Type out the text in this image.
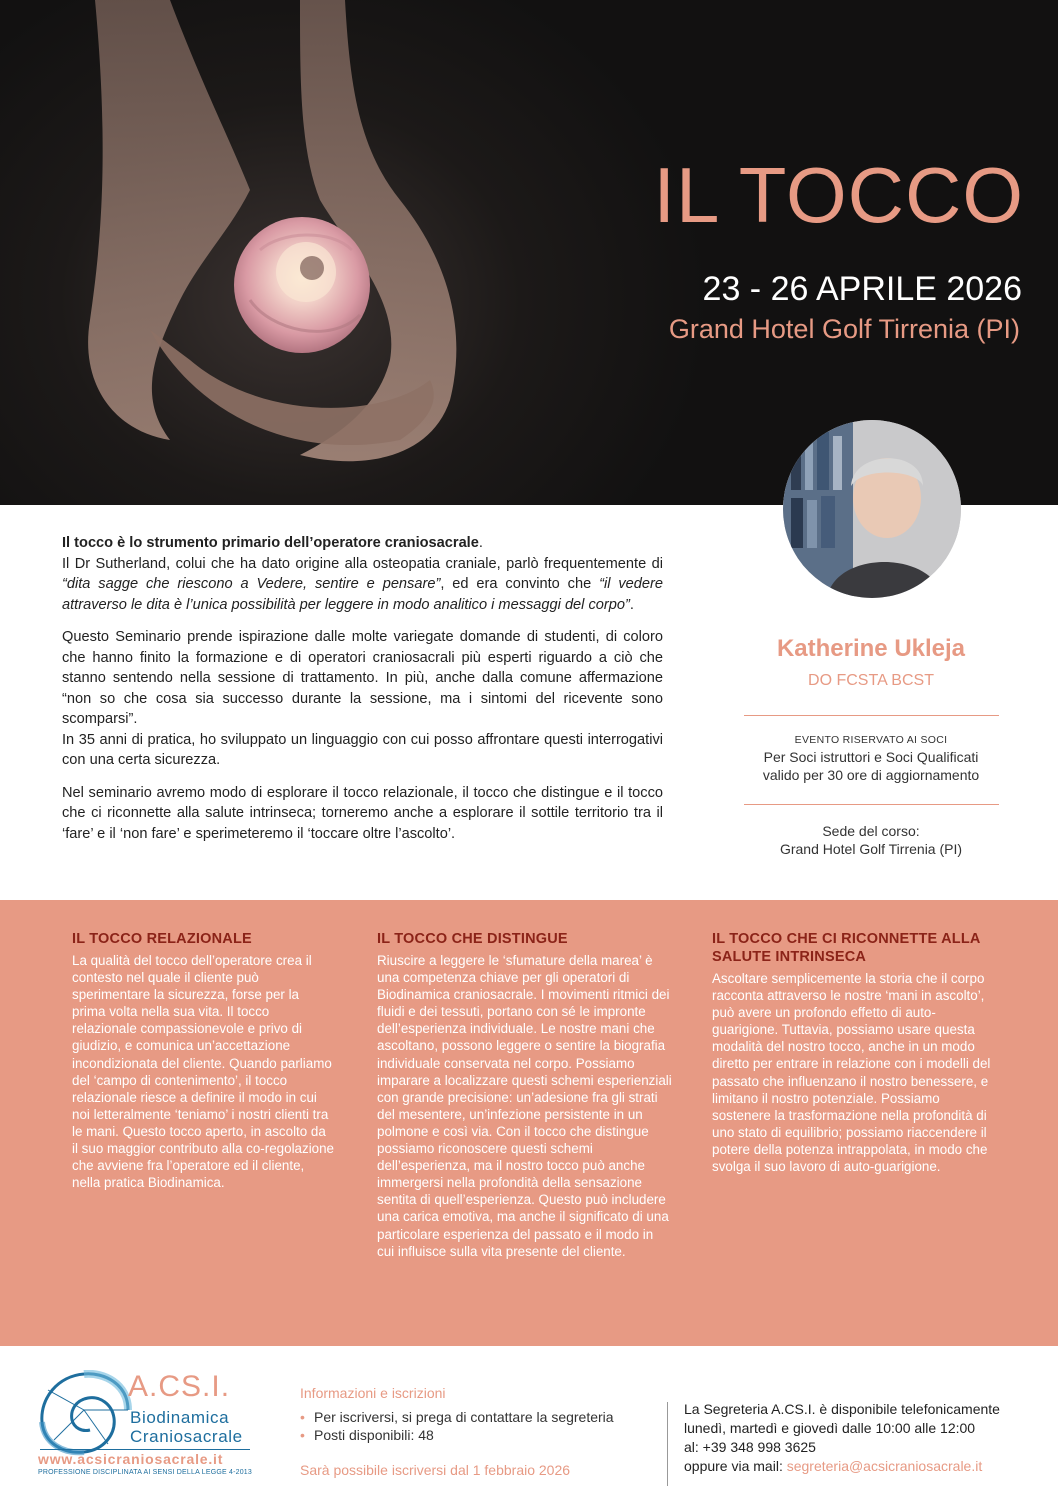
IL TOCCO
23 - 26 APRILE 2026
Grand Hotel Golf Tirrenia (PI)

Il tocco è lo strumento primario dell’operatore craniosacrale.
Il Dr Sutherland, colui che ha dato origine alla osteopatia craniale, parlò frequentemente di “dita sagge che riescono a Vedere, sentire e pensare”, ed era convinto che “il vedere attraverso le dita è l’unica possibilità per leggere in modo analitico i messaggi del corpo”.

Questo Seminario prende ispirazione dalle molte variegate domande di studenti, di coloro che hanno finito la formazione e di operatori craniosacrali più esperti riguardo a ciò che stanno sentendo nella sessione di trattamento. In più, anche dalla comune affermazione “non so che cosa sia successo durante la sessione, ma i sintomi del ricevente sono scomparsi”.
In 35 anni di pratica, ho sviluppato un linguaggio con cui posso affrontare questi interrogativi con una certa sicurezza.

Nel seminario avremo modo di esplorare il tocco relazionale, il tocco che distingue e il tocco che ci riconnette alla salute intrinseca; torneremo anche a esplorare il sottile territorio tra il ‘fare’ e il ‘non fare’ e sperimeteremo il ‘toccare oltre l’ascolto’.

Katherine Ukleja
DO FCSTA BCST
EVENTO RISERVATO AI SOCI
Per Soci istruttori e Soci Qualificati
valido per 30 ore di aggiornamento
Sede del corso:
Grand Hotel Golf Tirrenia (PI)
IL TOCCO RELAZIONALE

La qualità del tocco dell’operatore crea il contesto nel quale il cliente può sperimentare la sicurezza, forse per la prima volta nella sua vita. Il tocco relazionale compassionevole e privo di giudizio, e comunica un’accettazione incondizionata del cliente. Quando parliamo del ‘campo di contenimento’, il tocco relazionale riesce a definire il modo in cui noi letteralmente ‘teniamo’ i nostri clienti tra le mani. Questo tocco aperto, in ascolto da il suo maggior contributo alla co-regolazione che avviene fra l’operatore ed il cliente, nella pratica Biodinamica.

IL TOCCO CHE DISTINGUE

Riuscire a leggere le ‘sfumature della marea’ è una competenza chiave per gli operatori di Biodinamica craniosacrale. I movimenti ritmici dei fluidi e dei tessuti, portano con sé le impronte dell’esperienza individuale. Le nostre mani che ascoltano, possono leggere o sentire la biografia individuale conservata nel corpo. Possiamo imparare a localizzare questi schemi esperienziali con grande precisione: un’adesione fra gli strati del mesentere, un’infezione persistente in un polmone e così via. Con il tocco che distingue possiamo riconoscere questi schemi dell’esperienza, ma il nostro tocco può anche immergersi nella profondità della sensazione sentita di quell’esperienza. Questo può includere una carica emotiva, ma anche il significato di una particolare esperienza del passato e il modo in cui influisce sulla vita presente del cliente.

IL TOCCO CHE CI RICONNETTE ALLA SALUTE INTRINSECA

Ascoltare semplicemente la storia che il corpo racconta attraverso le nostre ‘mani in ascolto’, può avere un profondo effetto di auto-guarigione. Tuttavia, possiamo usare questa modalità del nostro tocco, anche in un modo diretto per entrare in relazione con i modelli del passato che influenzano il nostro benessere, e limitano il nostro potenziale. Possiamo sostenere la trasformazione nella profondità di uno stato di equilibrio; possiamo riaccendere il potere della potenza intrappolata, in modo che svolga il suo lavoro di auto-guarigione.

A.CS.I.
Biodinamica
Craniosacrale
www.acsicraniosacrale.it
PROFESSIONE DISCIPLINATA AI SENSI DELLA LEGGE 4-2013
Informazioni e iscrizioni
• Per iscriversi, si prega di contattare la segreteria
• Posti disponibili: 48
Sarà possibile iscriversi dal 1 febbraio 2026
La Segreteria A.CS.I. è disponibile telefonicamente
lunedì, martedì e giovedì dalle 10:00 alle 12:00
al: +39 348 998 3625
oppure via mail: segreteria@acsicraniosacrale.it
